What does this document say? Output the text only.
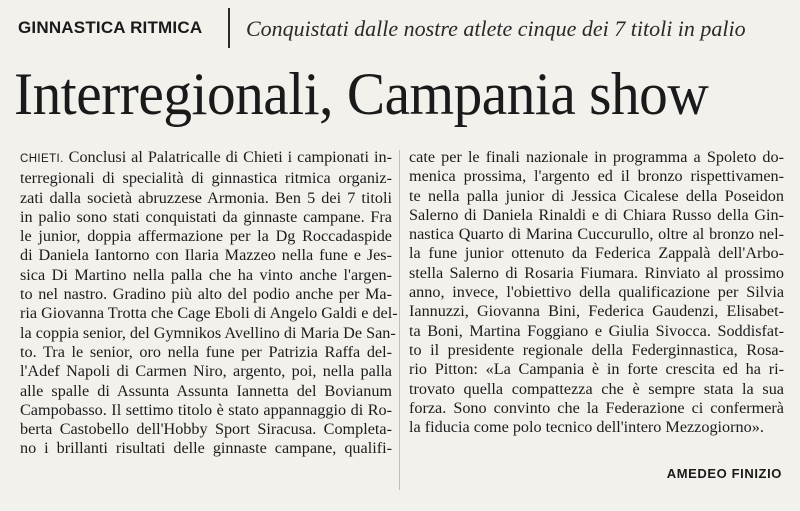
GINNASTICA RITMICA Conquistati dalle nostre atlete cinque dei 7 titoli in palio
Interregionali, Campania show
CHIETI. Conclusi al Palatricalle di Chieti i campionati in-
terregionali di specialità di ginnastica ritmica organiz-
zati dalla società abruzzese Armonia. Ben 5 dei 7 titoli
in palio sono stati conquistati da ginnaste campane. Fra
le junior, doppia affermazione per la Dg Roccadaspide
di Daniela Iantorno con Ilaria Mazzeo nella fune e Jes-
sica Di Martino nella palla che ha vinto anche l'argen-
to nel nastro. Gradino più alto del podio anche per Ma-
ria Giovanna Trotta che Cage Eboli di Angelo Galdi e del-
la coppia senior, del Gymnikos Avellino di Maria De San-
to. Tra le senior, oro nella fune per Patrizia Raffa del-
l'Adef Napoli di Carmen Niro, argento, poi, nella palla
alle spalle di Assunta Assunta Iannetta del Bovianum
Campobasso. Il settimo titolo è stato appannaggio di Ro-
berta Castobello dell'Hobby Sport Siracusa. Completa-
no i brillanti risultati delle ginnaste campane, qualifi-
cate per le finali nazionale in programma a Spoleto do-
menica prossima, l'argento ed il bronzo rispettivamen-
te nella palla junior di Jessica Cicalese della Poseidon
Salerno di Daniela Rinaldi e di Chiara Russo della Gin-
nastica Quarto di Marina Cuccurullo, oltre al bronzo nel-
la fune junior ottenuto da Federica Zappalà dell'Arbo-
stella Salerno di Rosaria Fiumara. Rinviato al prossimo
anno, invece, l'obiettivo della qualificazione per Silvia
Iannuzzi, Giovanna Bini, Federica Gaudenzi, Elisabet-
ta Boni, Martina Foggiano e Giulia Sivocca. Soddisfat-
to il presidente regionale della Federginnastica, Rosa-
rio Pitton: «La Campania è in forte crescita ed ha ri-
trovato quella compattezza che è sempre stata la sua
forza. Sono convinto che la Federazione ci confermerà
la fiducia come polo tecnico dell'intero Mezzogiorno».
AMEDEO FINIZIO
